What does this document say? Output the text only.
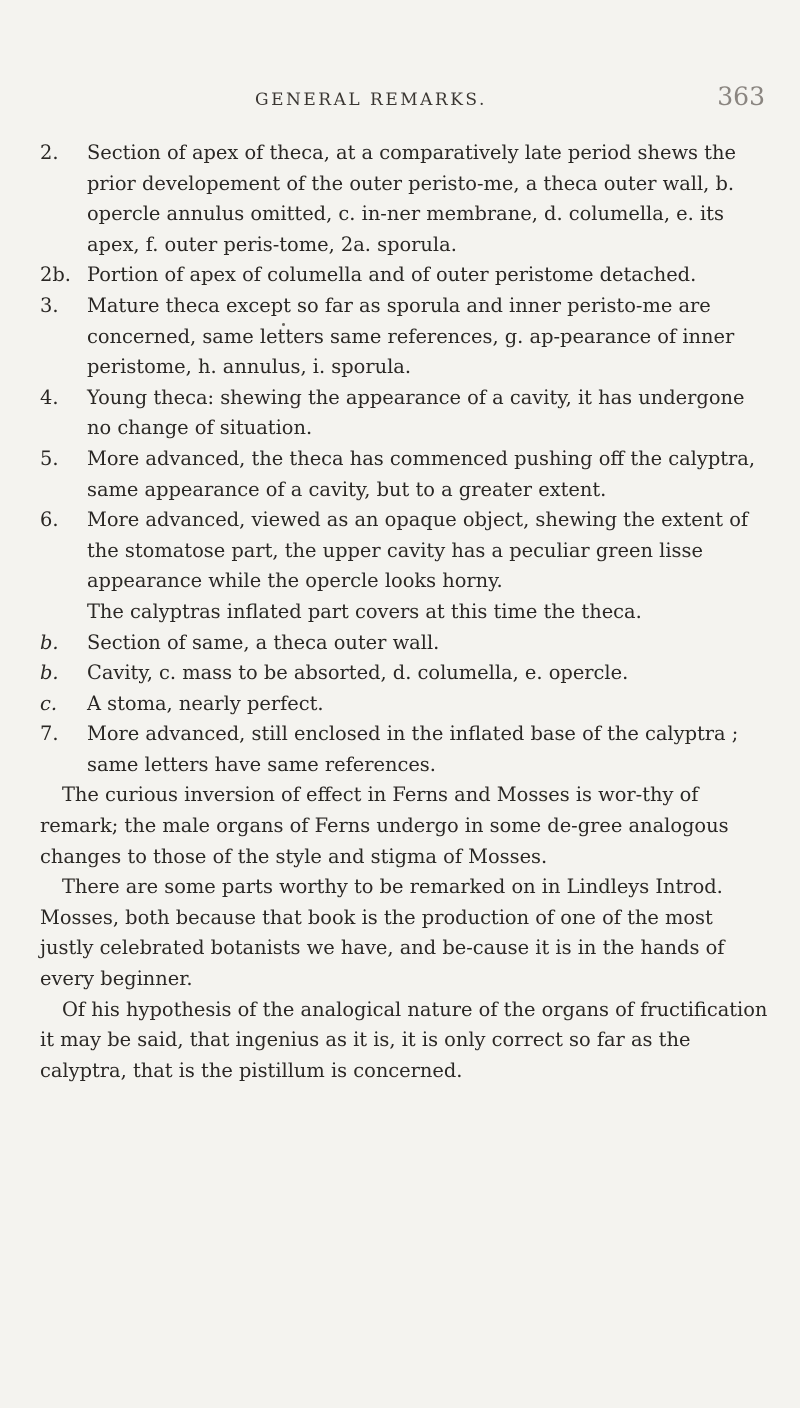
GENERAL REMARKS.	363

2.	Section of apex of theca, at a comparatively late period shews the prior developement of the outer peristo-me, a theca outer wall, b. opercle annulus omitted, c. in-ner membrane, d. columella, e. its apex, f. outer peris-tome, 2a. sporula.

2b. Portion of apex of columella and of outer peristome detached.

3.	Mature theca except so far as sporula and inner peristo-me are concerned, same letters same references, g. ap-pearance of inner peristome, h. annulus, i. sporula.

4.	Young theca: shewing the appearance of a cavity, it has undergone no change of situation.

5.	More advanced, the theca has commenced pushing off the calyptra, same appearance of a cavity, but to a greater extent.

6.	More advanced, viewed as an opaque object, shewing the extent of the stomatose part, the upper cavity has a peculiar green lisse appearance while the opercle looks horny.

The calyptras inflated part covers at this time the theca.

b.	Section of same, a theca outer wall.

b.	Cavity, c. mass to be absorted, d. columella, e. opercle.

c.	A stoma, nearly perfect.

7.	More advanced, still enclosed in the inflated base of the calyptra ; same letters have same references.

The curious inversion of effect in Ferns and Mosses is wor-thy of remark; the male organs of Ferns undergo in some de-gree analogous changes to those of the style and stigma of Mosses.

There are some parts worthy to be remarked on in Lindleys Introd. Mosses, both because that book is the production of one of the most justly celebrated botanists we have, and be-cause it is in the hands of every beginner.

Of his hypothesis of the analogical nature of the organs of fructification it may be said, that ingenius as it is, it is only correct so far as the calyptra, that is the pistillum is concerned.
